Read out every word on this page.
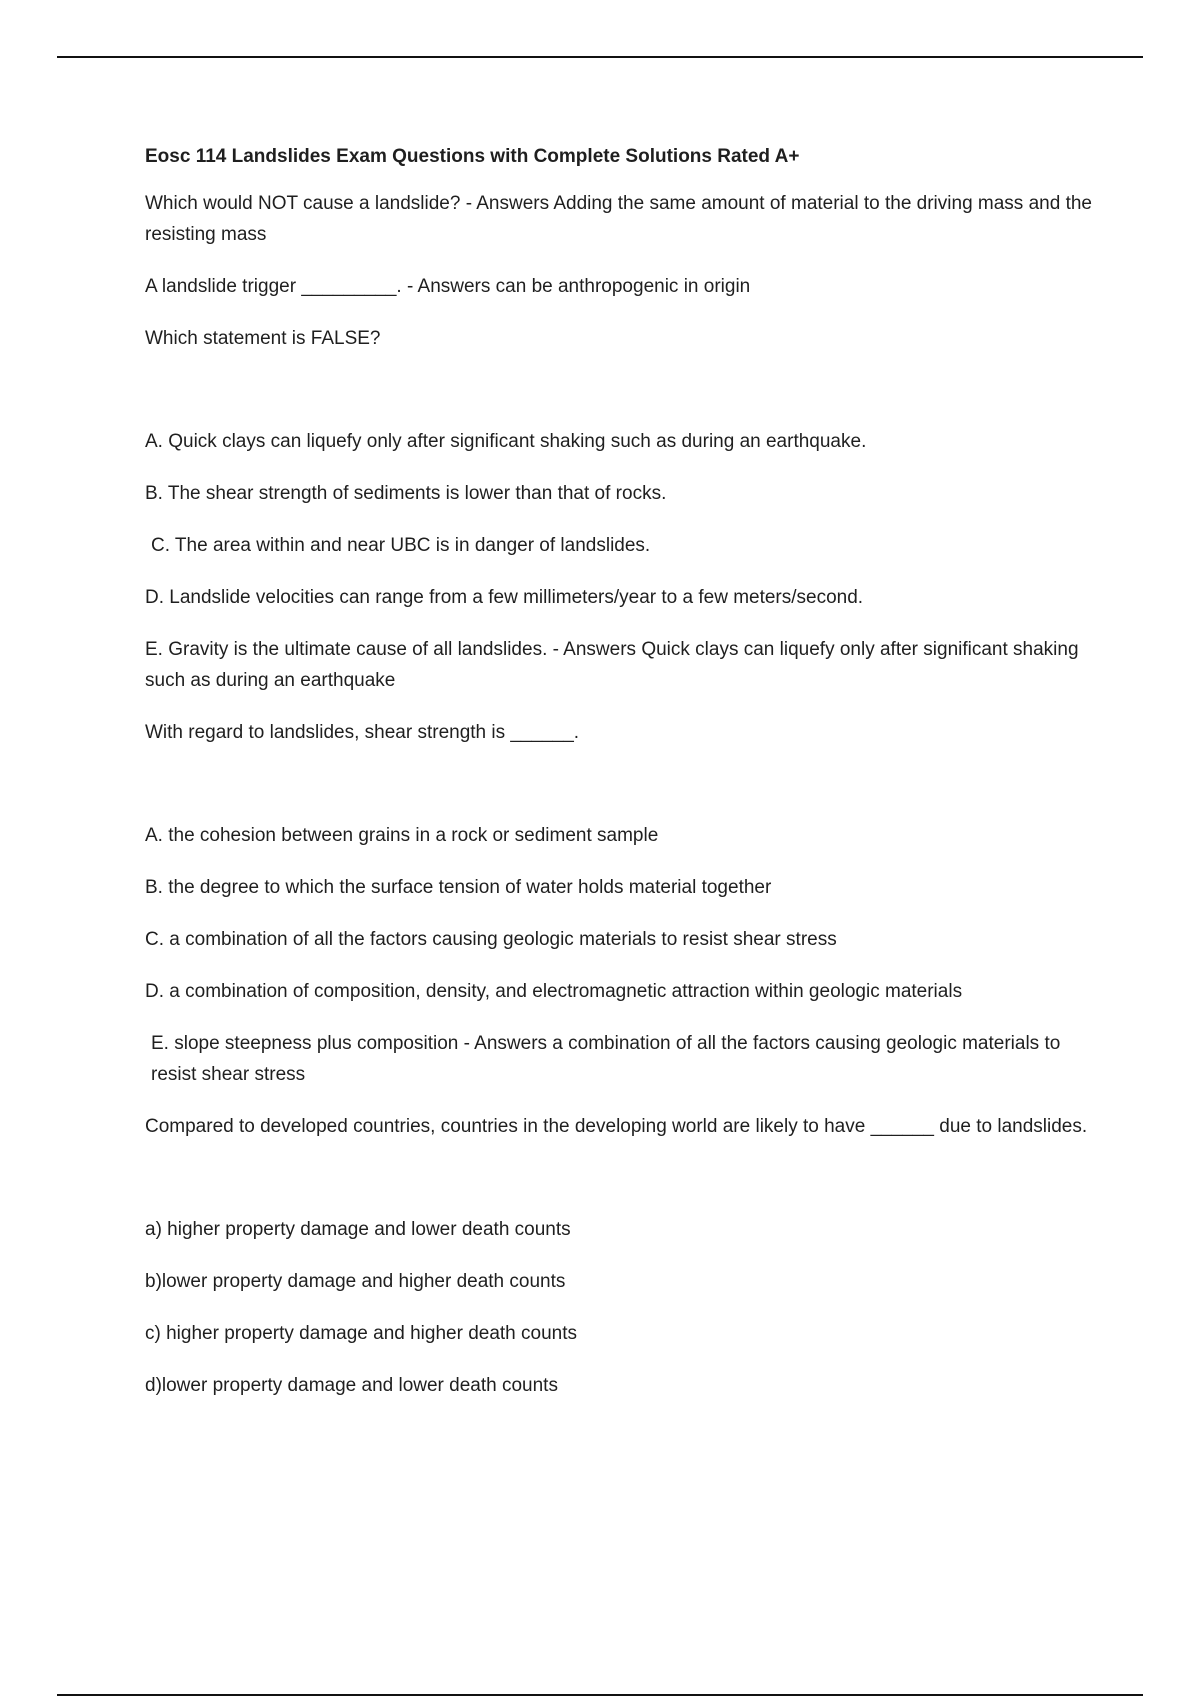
Eosc 114 Landslides Exam Questions with Complete Solutions Rated A+

Which would NOT cause a landslide? - Answers Adding the same amount of material to the driving mass and the resisting mass

A landslide trigger _________. - Answers can be anthropogenic in origin

Which statement is FALSE?

A. Quick clays can liquefy only after significant shaking such as during an earthquake.

B. The shear strength of sediments is lower than that of rocks.

C. The area within and near UBC is in danger of landslides.

D. Landslide velocities can range from a few millimeters/year to a few meters/second.

E. Gravity is the ultimate cause of all landslides. - Answers Quick clays can liquefy only after significant shaking such as during an earthquake

With regard to landslides, shear strength is ______.

A. the cohesion between grains in a rock or sediment sample

B. the degree to which the surface tension of water holds material together

C. a combination of all the factors causing geologic materials to resist shear stress

D. a combination of composition, density, and electromagnetic attraction within geologic materials

E. slope steepness plus composition - Answers a combination of all the factors causing geologic materials to resist shear stress

Compared to developed countries, countries in the developing world are likely to have ______ due to landslides.

a) higher property damage and lower death counts

b)lower property damage and higher death counts

c) higher property damage and higher death counts

d)lower property damage and lower death counts
